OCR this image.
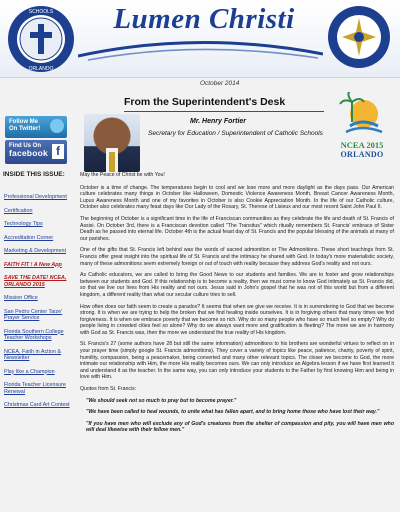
SCHOOLS
ORLANDO
Lumen Christi
October 2014
Follow Me
On Twitter!
Find Us On
facebook f
INSIDE THIS ISSUE:
Professional Development
Certification
Technology Tips
Accreditation Corner
Marketing & Development
FAITH FIT ! A New App
SAVE THE DATE! NCEA, ORLANDO 2015
Mission Office
San Pedro Center Taize' Prayer Service
Florida Southern College Teacher Workshops
NCEA, Faith in Action & Newsletter
Play like a Champion
Florida Teacher Licensure Renewal
Christmas Card Art Contest
From the Superintendent's Desk
Mr. Henry Fortier
Secretary for Education / Superintendent of Catholic Schools
NCEA 2015
ORLANDO

May the Peace of Christ be with You!

October is a time of change. The temperatures begin to cool and we lose more and more daylight as the days pass. Our American culture celebrates many things in October like Halloween, Domestic Violence Awareness Month, Breast Cancer Awareness Month, Lupus Awareness Month and one of my favorites in October is also Cookie Appreciation Month. In the life of our Catholic culture, October also celebrates many feast days like Our Lady of the Rosary, St. Therese of Lisieux and our most recent Saint John Paul II.

The beginning of October is a significant time in the life of Franciscan communities as they celebrate the life and death of St. Francis of Assisi. On October 3rd, there is a Franciscan devotion called "The Transitus" which ritually remembers St. Francis' embrace of Sister Death as he passed into eternal life. October 4th is the actual feast day of St. Francis and the popular blessing of the animals at many of our parishes.

One of the gifts that St. Francis left behind was the words of sacred admonition or The Admonitions. These short teachings from St. Francis offer great insight into the spiritual life of St. Francis and the intimacy he shared with God. In today's more materialistic society, many of these admonitions seem extremely foreign or out of touch with reality because they address God's reality and not ours.

As Catholic educators, we are called to bring the Good News to our students and families. We are to foster and grow relationships between our students and God. If this relationship is to become a reality, then we must come to know God intimately as St. Francis did, so that we live our lives from His reality and not ours. Jesus said in John's gospel that he was not of this world but from a different kingdom, a different reality than what our secular culture tries to sell.

How often does our faith seem to create a paradox? It seems that when we give we receive. It is in surrendering to God that we become strong. It is when we are trying to help the broken that we find healing inside ourselves. It is in forgiving others that many times we find forgiveness. It is when we embrace poverty that we become so rich. Why do so many people who have so much feel so empty? Why do people living in crowded cities feel so alone? Why do we always want more and gratification is fleeting? The more we are in harmony with God as St. Francis was, then the more we understand the true reality of His kingdom.

St. Francis's 27 (some authors have 28 but still the same information) admonitions to his brothers are wonderful virtues to reflect on in your prayer time (simply google St. Francis admonitions). They cover a variety of topics like peace, patience, charity, poverty of spirit, humility, compassion, being a peacemaker, being converted and many other relevant topics. The closer we become to God, the more intimate our relationship with Him, the more His reality becomes ours. We can only introduce an Algebra lesson if we have first learned it and understand it as the teacher. In the same way, you can only introduce your students to the Father by first knowing Him and being in love with Him.

Quotes from St. Francis:

"We should seek not so much to pray but to become prayer."

"We have been called to heal wounds, to unite what has fallen apart, and to bring home those who have lost their way."

"If you have men who will exclude any of God's creatures from the shelter of compassion and pity, you will have men who will deal likewise with their fellow men."
